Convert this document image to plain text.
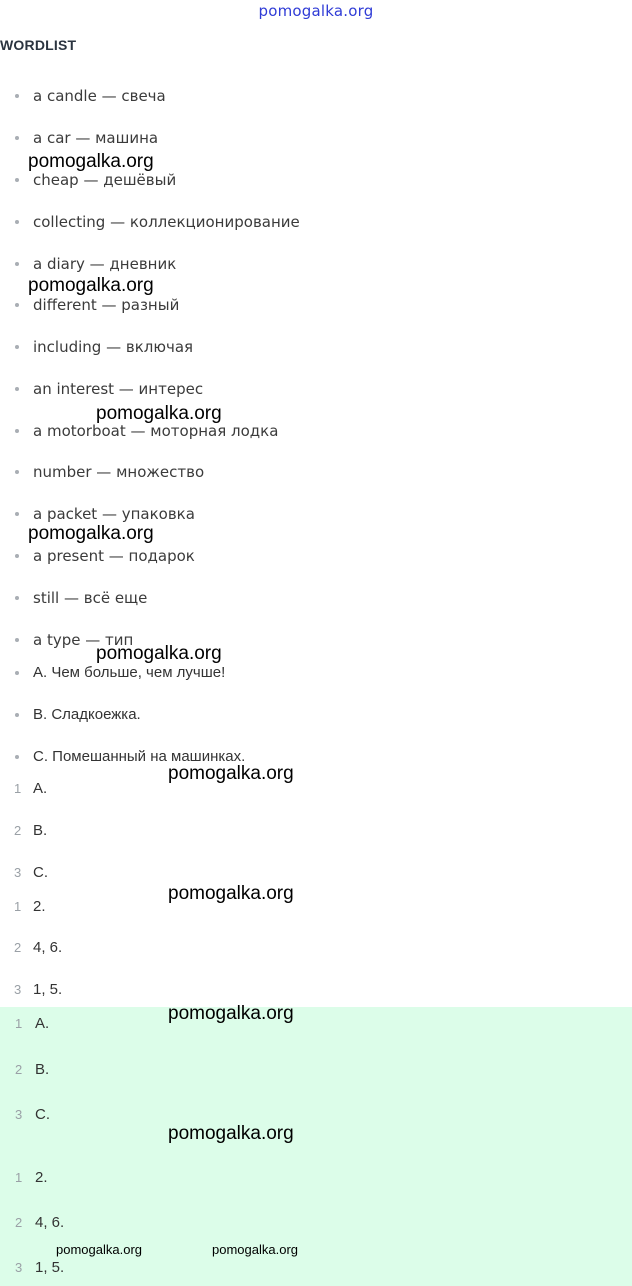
pomogalka.org
WORDLIST
a candle — свеча
a car — машина
cheap — дешёвый
collecting — коллекционирование
a diary — дневник
different — разный
including — включая
an interest — интерес
a motorboat — моторная лодка
number — множество
a packet — упаковка
a present — подарок
still — всё еще
a type — тип
A. Чем больше, чем лучше!
B. Сладкоежка.
C. Помешанный на машинках.
1 A.
2 B.
3 C.
1 2.
2 4, 6.
3 1, 5.
1 A.
2 B.
3 C.
1 2.
2 4, 6.
3 1, 5.
pomogalka.org
pomogalka.org
pomogalka.org
pomogalka.org
pomogalka.org
pomogalka.org
pomogalka.org
pomogalka.org
pomogalka.org
pomogalka.org	pomogalka.org
